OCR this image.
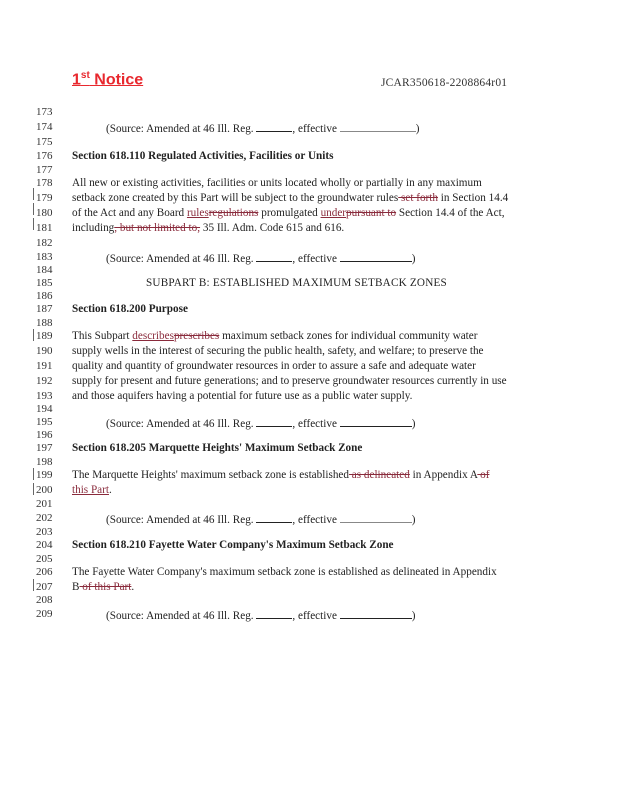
1st Notice	JCAR350618-2208864r01
173
174
175
176
177
178
179
180
181
182
183
184
185
186
187
188
189
190
191
192
193
194
195
196
197
198
199
200
201
202
203
204
205
206
207
208
209
(Source: Amended at 46 Ill. Reg.	, effective	)
Section 618.110 Regulated Activities, Facilities or Units
All new or existing activities, facilities or units located wholly or partially in any maximum
setback zone created by this Part will be subject to the groundwater rules set forth in Section 14.4
of the Act and any Board rulesregulations promulgated underpursuant to Section 14.4 of the Act,
including, but not limited to, 35 Ill. Adm. Code 615 and 616.
(Source: Amended at 46 Ill. Reg.	, effective	)
SUBPART B: ESTABLISHED MAXIMUM SETBACK ZONES
Section 618.200 Purpose
This Subpart describesprescribes maximum setback zones for individual community water
supply wells in the interest of securing the public health, safety, and welfare; to preserve the
quality and quantity of groundwater resources in order to assure a safe and adequate water
supply for present and future generations; and to preserve groundwater resources currently in use
and those aquifers having a potential for future use as a public water supply.
(Source: Amended at 46 Ill. Reg.	, effective	)
Section 618.205 Marquette Heights' Maximum Setback Zone
The Marquette Heights' maximum setback zone is established as delineated in Appendix A of
this Part.
(Source: Amended at 46 Ill. Reg.	, effective	)
Section 618.210 Fayette Water Company's Maximum Setback Zone
The Fayette Water Company's maximum setback zone is established as delineated in Appendix
B of this Part.
(Source: Amended at 46 Ill. Reg.	, effective	)
